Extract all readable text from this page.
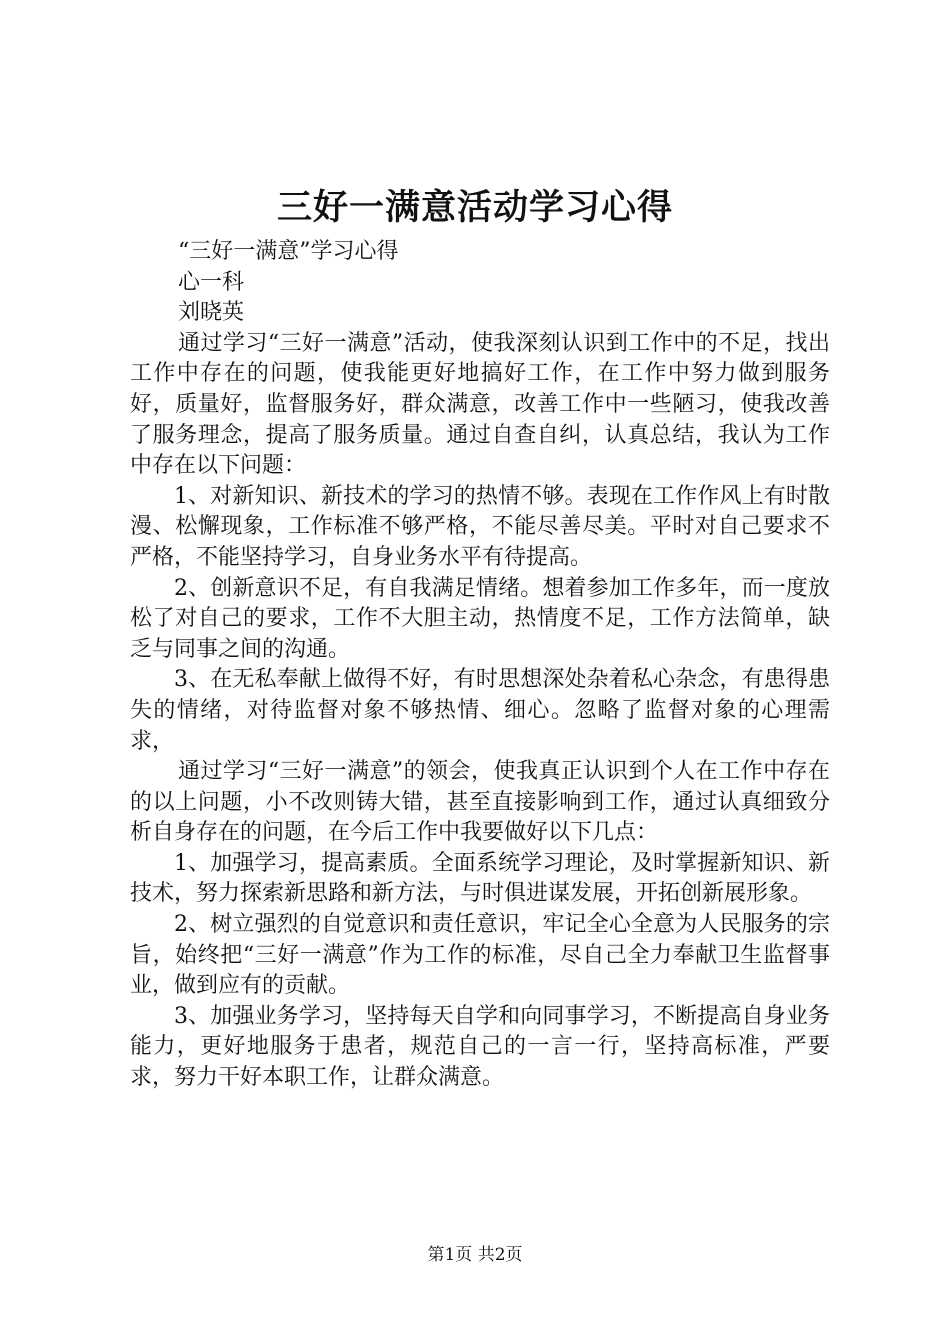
三好一满意活动学习心得

“三好一满意”学习心得

心一科

刘晓英

通过学习“三好一满意”活动，使我深刻认识到工作中的不足，找出工作中存在的问题，使我能更好地搞好工作，在工作中努力做到服务好，质量好，监督服务好，群众满意，改善工作中一些陋习，使我改善了服务理念，提高了服务质量。通过自查自纠，认真总结，我认为工作中存在以下问题：

1、对新知识、新技术的学习的热情不够。表现在工作作风上有时散漫、松懈现象，工作标准不够严格，不能尽善尽美。平时对自己要求不严格，不能坚持学习，自身业务水平有待提高。

2、创新意识不足，有自我满足情绪。想着参加工作多年，而一度放松了对自己的要求，工作不大胆主动，热情度不足，工作方法简单，缺乏与同事之间的沟通。

3、在无私奉献上做得不好，有时思想深处杂着私心杂念，有患得患失的情绪，对待监督对象不够热情、细心。忽略了监督对象的心理需求，

通过学习“三好一满意”的领会，使我真正认识到个人在工作中存在的以上问题，小不改则铸大错，甚至直接影响到工作，通过认真细致分析自身存在的问题，在今后工作中我要做好以下几点：

1、加强学习，提高素质。全面系统学习理论，及时掌握新知识、新技术，努力探索新思路和新方法，与时俱进谋发展，开拓创新展形象。

2、树立强烈的自觉意识和责任意识，牢记全心全意为人民服务的宗旨，始终把“三好一满意”作为工作的标准，尽自己全力奉献卫生监督事业，做到应有的贡献。

3、加强业务学习，坚持每天自学和向同事学习，不断提高自身业务能力，更好地服务于患者，规范自己的一言一行，坚持高标准，严要求，努力干好本职工作，让群众满意。

第1页 共2页
